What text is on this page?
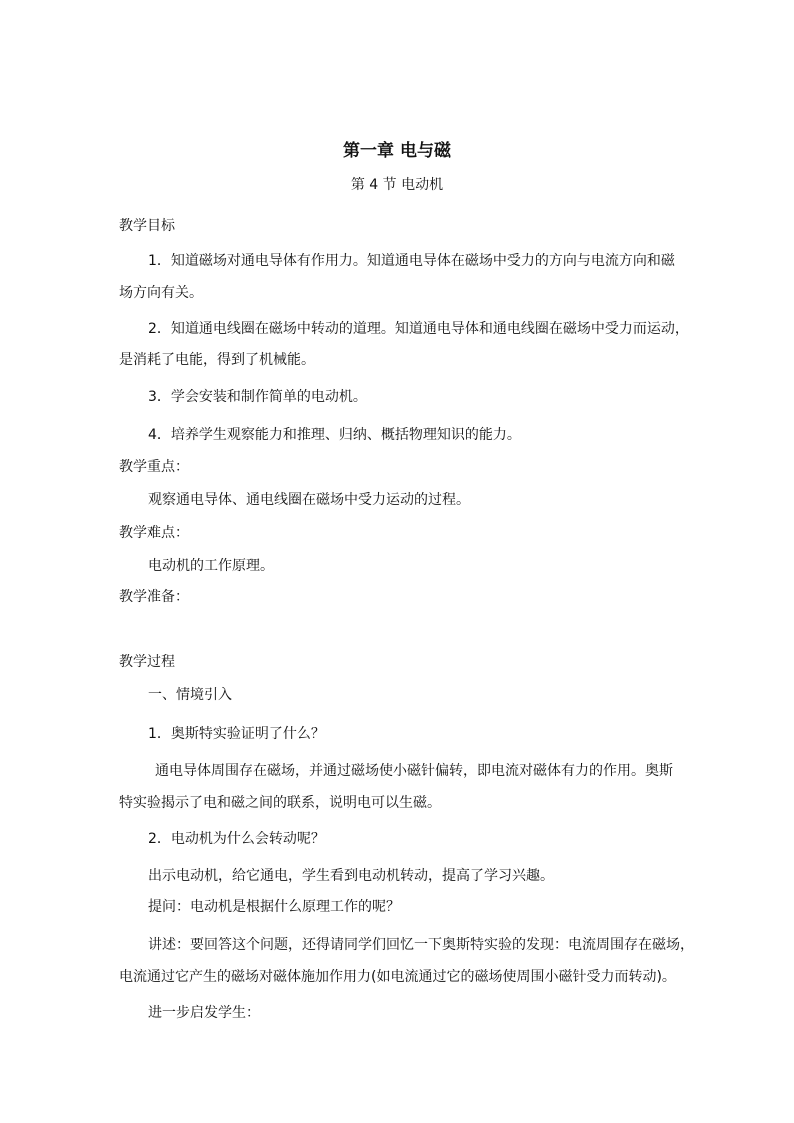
第一章 电与磁
第 4 节 电动机
教学目标
1．知道磁场对通电导体有作用力。知道通电导体在磁场中受力的方向与电流方向和磁
场方向有关。
2．知道通电线圈在磁场中转动的道理。知道通电导体和通电线圈在磁场中受力而运动，
是消耗了电能，得到了机械能。
3．学会安装和制作简单的电动机。
4．培养学生观察能力和推理、归纳、概括物理知识的能力。
教学重点：
观察通电导体、通电线圈在磁场中受力运动的过程。
教学难点：
电动机的工作原理。
教学准备：
教学过程
一、情境引入
1．奥斯特实验证明了什么？
通电导体周围存在磁场，并通过磁场使小磁针偏转，即电流对磁体有力的作用。奥斯
特实验揭示了电和磁之间的联系，说明电可以生磁。
2．电动机为什么会转动呢？
出示电动机，给它通电，学生看到电动机转动，提高了学习兴趣。
提问：电动机是根据什么原理工作的呢？
讲述：要回答这个问题，还得请同学们回忆一下奥斯特实验的发现：电流周围存在磁场，
电流通过它产生的磁场对磁体施加作用力(如电流通过它的磁场使周围小磁针受力而转动)。
进一步启发学生：
